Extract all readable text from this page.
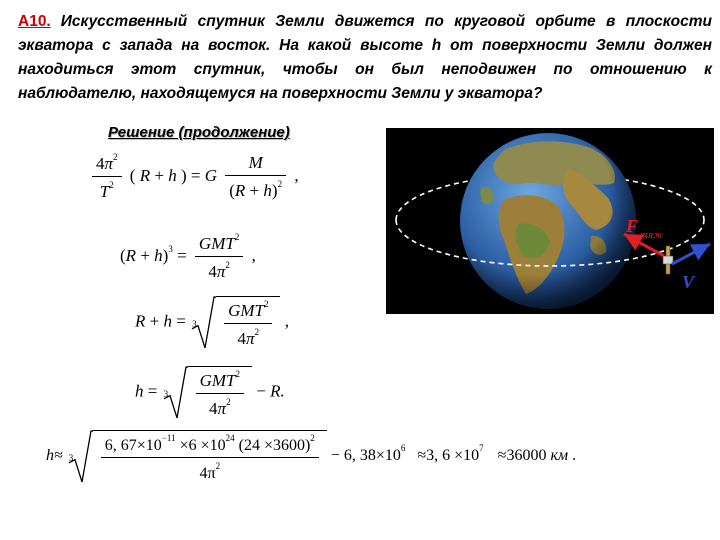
А10. Искусственный спутник Земли движется по круговой орбите в плоскости экватора с запада на восток. На какой высоте h от поверхности Земли должен находиться этот спутник, чтобы он был неподвижен по отношению к наблюдателю, находящемуся на поверхности Земли у экватора?
Решение (продолжение)
$\frac{4\pi^2}{T^2}$ ( R + h ) = G $\frac{M}{(R + h)^2}$ ,
$(R + h)^3 = \frac{GMT^2}{4\pi^2}$ ,
$R + h = 3 \frac{GMT^2}{4\pi^2}$ ,
$h = 3 \frac{GMT^2}{4\pi^2} - R$.
$h\approx 3 \frac{6, 67\times 10^{-11} \times 6 \times 10^{24} (24 \times 3600)^2}{4\pi^2} - 6$, $38\times 10^6 \approx 3$, $6 \times 10^7 \approx 36000$ км .
F тяж
V
